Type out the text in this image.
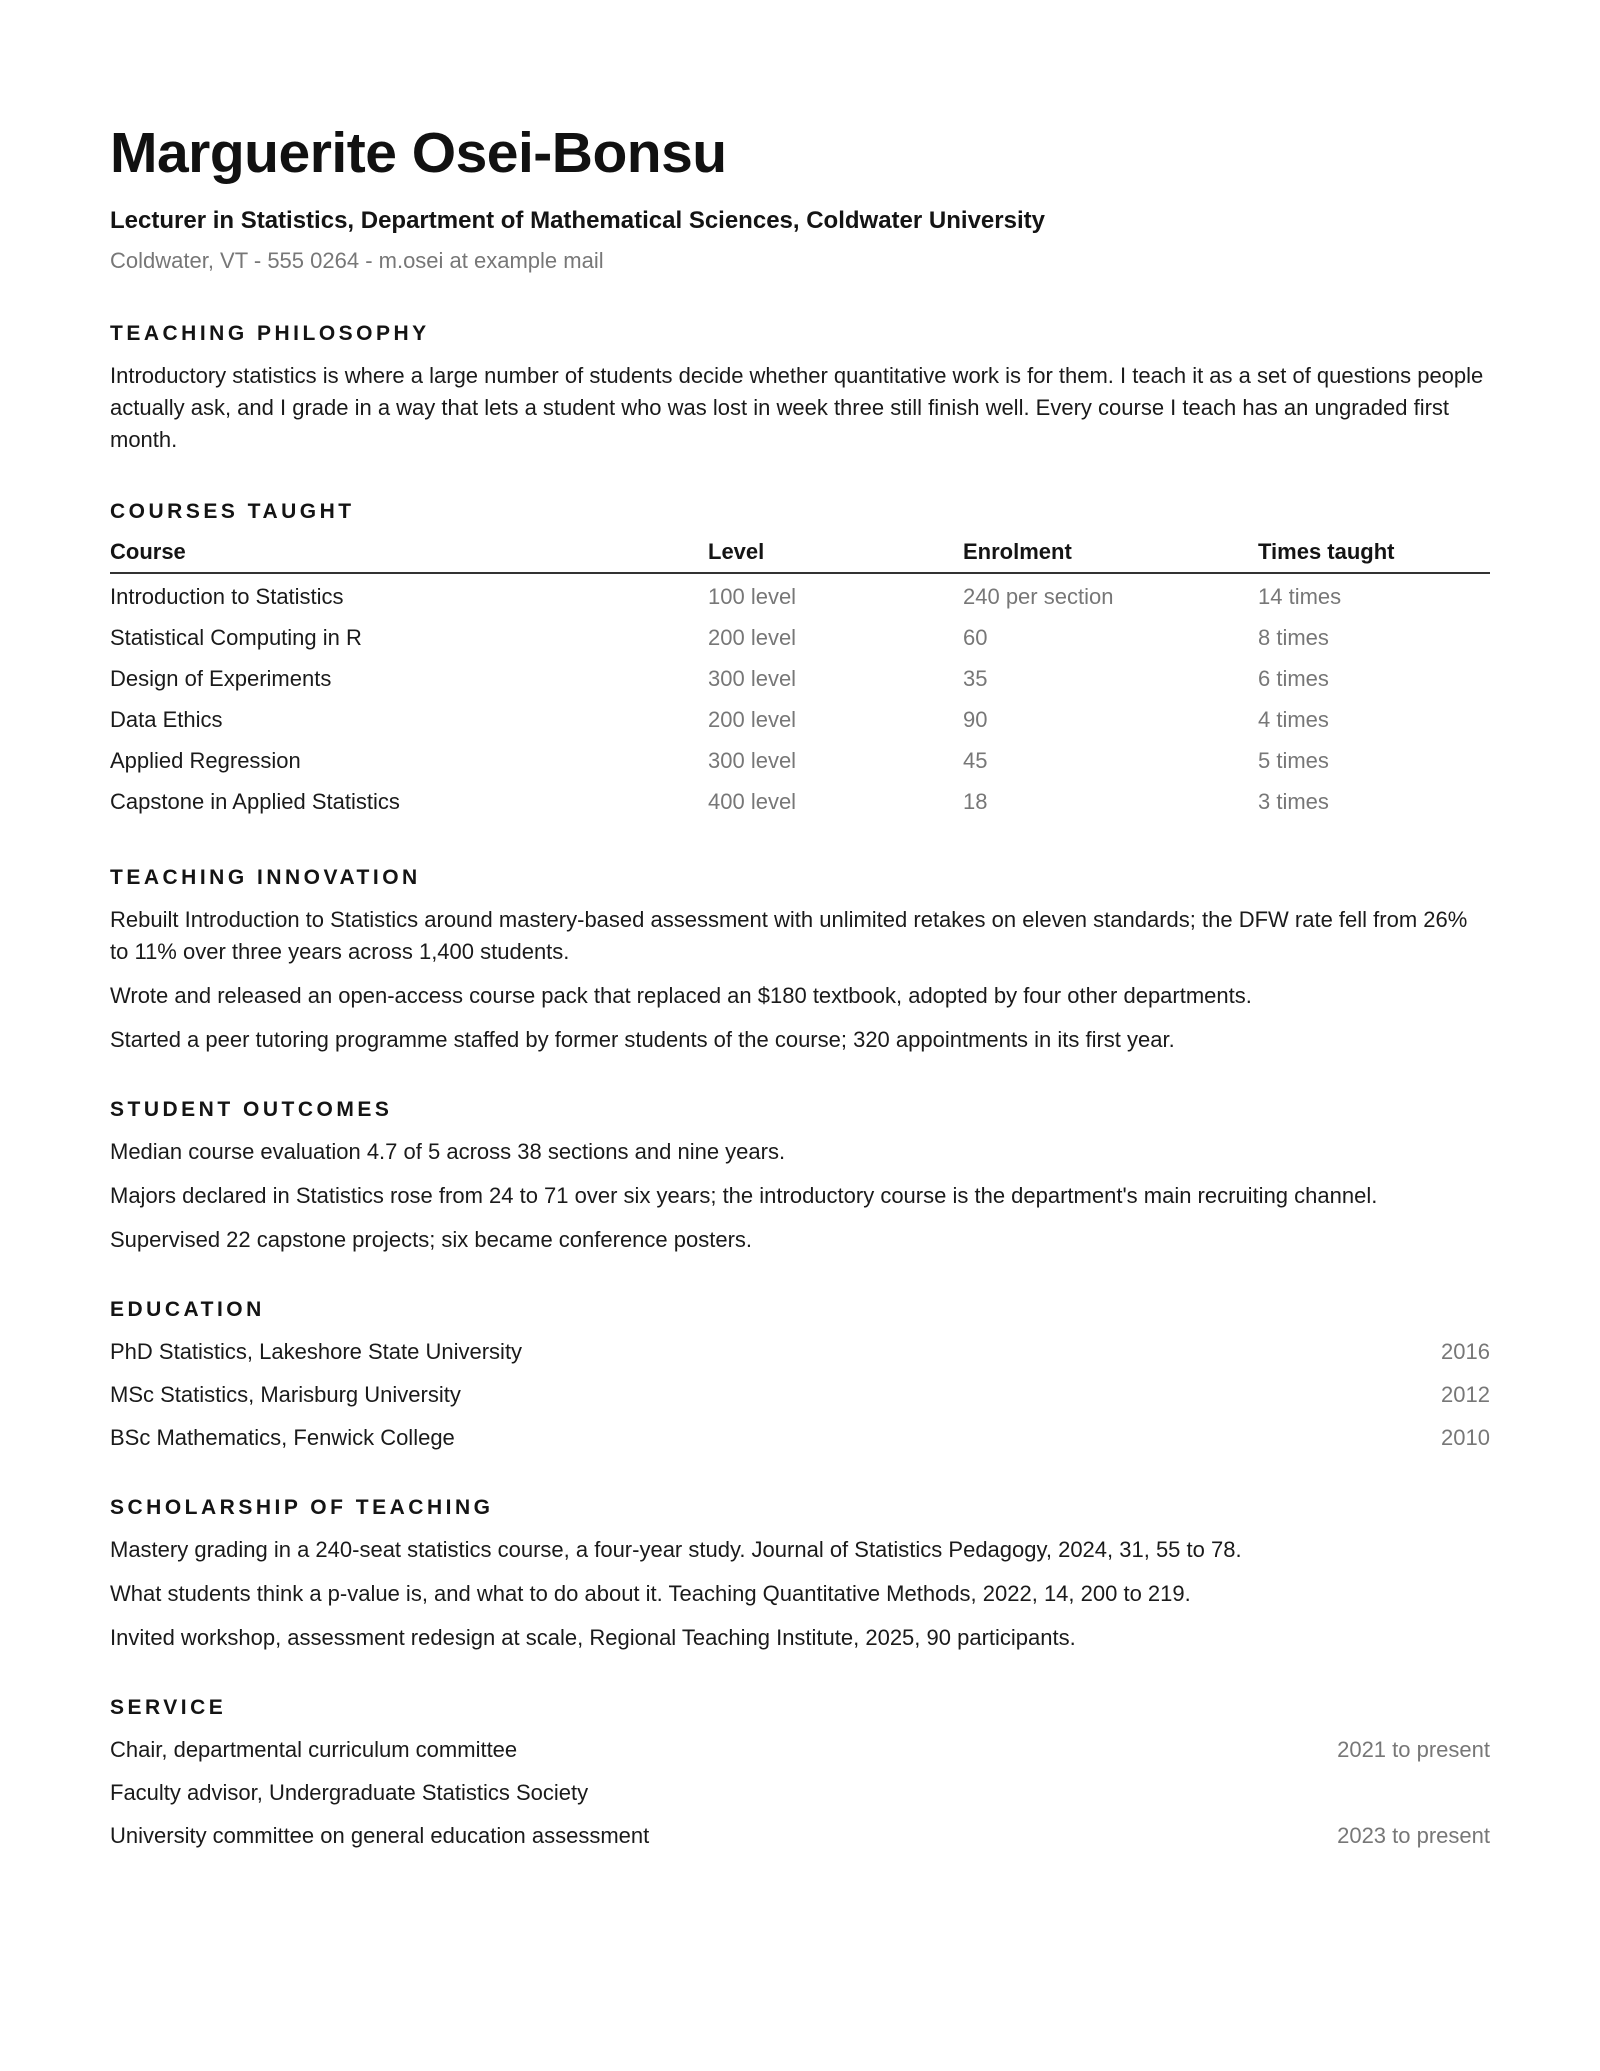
Marguerite Osei-Bonsu
Lecturer in Statistics, Department of Mathematical Sciences, Coldwater University
Coldwater, VT - 555 0264 - m.osei at example mail
TEACHING PHILOSOPHY

Introductory statistics is where a large number of students decide whether quantitative work is for them. I teach it as a set of questions people actually ask, and I grade in a way that lets a student who was lost in week three still finish well. Every course I teach has an ungraded first month.

COURSES TAUGHT
Course	Level	Enrolment	Times taught
Introduction to Statistics	100 level	240 per section	14 times
Statistical Computing in R	200 level	60	8 times
Design of Experiments	300 level	35	6 times
Data Ethics	200 level	90	4 times
Applied Regression	300 level	45	5 times
Capstone in Applied Statistics	400 level	18	3 times
TEACHING INNOVATION

Rebuilt Introduction to Statistics around mastery-based assessment with unlimited retakes on eleven standards; the DFW rate fell from 26% to 11% over three years across 1,400 students.

Wrote and released an open-access course pack that replaced an $180 textbook, adopted by four other departments.

Started a peer tutoring programme staffed by former students of the course; 320 appointments in its first year.

STUDENT OUTCOMES

Median course evaluation 4.7 of 5 across 38 sections and nine years.

Majors declared in Statistics rose from 24 to 71 over six years; the introductory course is the department's main recruiting channel.

Supervised 22 capstone projects; six became conference posters.

EDUCATION
PhD Statistics, Lakeshore State University	2016
MSc Statistics, Marisburg University	2012
BSc Mathematics, Fenwick College	2010
SCHOLARSHIP OF TEACHING

Mastery grading in a 240-seat statistics course, a four-year study. Journal of Statistics Pedagogy, 2024, 31, 55 to 78.

What students think a p-value is, and what to do about it. Teaching Quantitative Methods, 2022, 14, 200 to 219.

Invited workshop, assessment redesign at scale, Regional Teaching Institute, 2025, 90 participants.

SERVICE
Chair, departmental curriculum committee	2021 to present
Faculty advisor, Undergraduate Statistics Society
University committee on general education assessment	2023 to present
